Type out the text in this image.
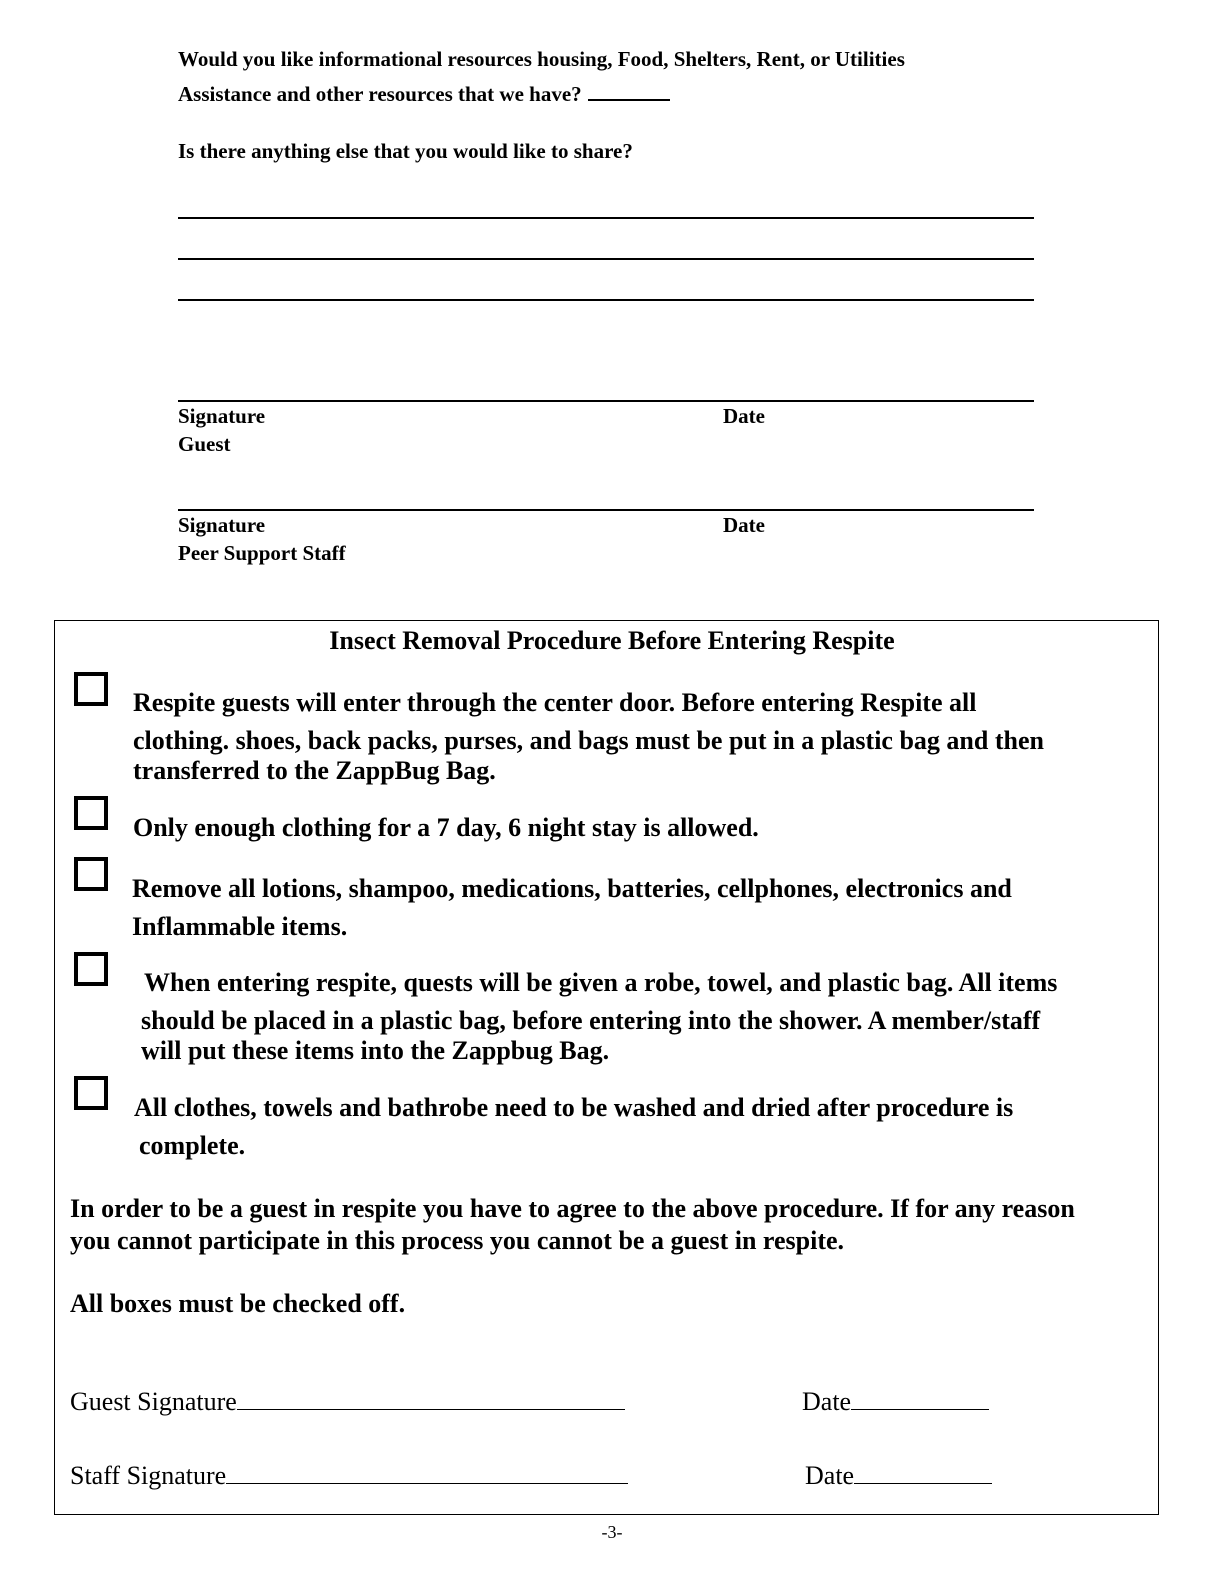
Would you like informational resources housing, Food, Shelters, Rent, or Utilities
Assistance and other resources that we have?
Is there anything else that you would like to share?
Signature
Guest
Date
Signature
Peer Support Staff
Date
Insect Removal Procedure Before Entering Respite
Respite guests will enter through the center door. Before entering Respite all
clothing. shoes, back packs, purses, and bags must be put in a plastic bag and then
transferred to the ZappBug Bag.
Only enough clothing for a 7 day, 6 night stay is allowed.
Remove all lotions, shampoo, medications, batteries, cellphones, electronics and
Inflammable items.
When entering respite, quests will be given a robe, towel, and plastic bag. All items
should be placed in a plastic bag, before entering into the shower. A member/staff
will put these items into the Zappbug Bag.
All clothes, towels and bathrobe need to be washed and dried after procedure is
complete.
In order to be a guest in respite you have to agree to the above procedure. If for any reason
you cannot participate in this process you cannot be a guest in respite.
All boxes must be checked off.
Guest Signature	Date
Staff Signature	Date
-3-
